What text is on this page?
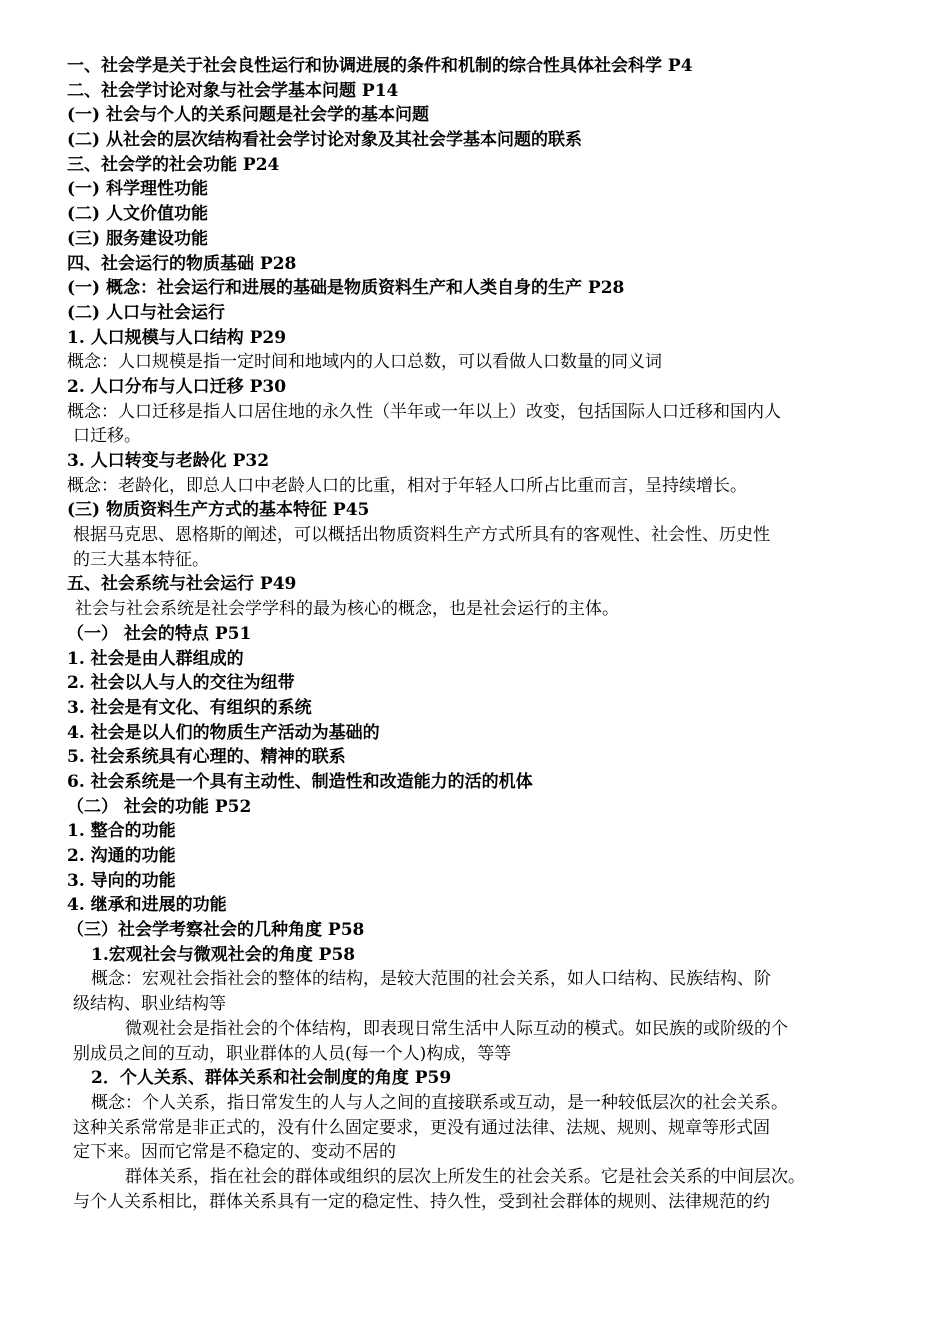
一、社会学是关于社会良性运行和协调进展的条件和机制的综合性具体社会科学 P4
二、社会学讨论对象与社会学基本问题 P14
(一) 社会与个人的关系问题是社会学的基本问题
(二) 从社会的层次结构看社会学讨论对象及其社会学基本问题的联系
三、社会学的社会功能 P24
(一) 科学理性功能
(二) 人文价值功能
(三) 服务建设功能
四、社会运行的物质基础 P28
(一) 概念：社会运行和进展的基础是物质资料生产和人类自身的生产 P28
(二) 人口与社会运行
1. 人口规模与人口结构 P29
概念：人口规模是指一定时间和地域内的人口总数，可以看做人口数量的同义词
2. 人口分布与人口迁移 P30
概念：人口迁移是指人口居住地的永久性（半年或一年以上）改变，包括国际人口迁移和国内人
口迁移。
3. 人口转变与老龄化 P32
概念：老龄化，即总人口中老龄人口的比重，相对于年轻人口所占比重而言，呈持续增长。
(三) 物质资料生产方式的基本特征 P45
根据马克思、恩格斯的阐述，可以概括出物质资料生产方式所具有的客观性、社会性、历史性
的三大基本特征。
五、社会系统与社会运行 P49
社会与社会系统是社会学学科的最为核心的概念，也是社会运行的主体。
（一） 社会的特点 P51
1. 社会是由人群组成的
2. 社会以人与人的交往为纽带
3. 社会是有文化、有组织的系统
4. 社会是以人们的物质生产活动为基础的
5. 社会系统具有心理的、精神的联系
6. 社会系统是一个具有主动性、制造性和改造能力的活的机体
（二） 社会的功能 P52
1. 整合的功能
2. 沟通的功能
3. 导向的功能
4. 继承和进展的功能
（三）社会学考察社会的几种角度 P58
1.宏观社会与微观社会的角度 P58
概念：宏观社会指社会的整体的结构，是较大范围的社会关系，如人口结构、民族结构、阶
级结构、职业结构等
微观社会是指社会的个体结构，即表现日常生活中人际互动的模式。如民族的或阶级的个
别成员之间的互动，职业群体的人员(每一个人)构成，等等
2．个人关系、群体关系和社会制度的角度 P59
概念：个人关系，指日常发生的人与人之间的直接联系或互动，是一种较低层次的社会关系。
这种关系常常是非正式的，没有什么固定要求，更没有通过法律、法规、规则、规章等形式固
定下来。因而它常是不稳定的、变动不居的
群体关系，指在社会的群体或组织的层次上所发生的社会关系。它是社会关系的中间层次。
与个人关系相比，群体关系具有一定的稳定性、持久性，受到社会群体的规则、法律规范的约
